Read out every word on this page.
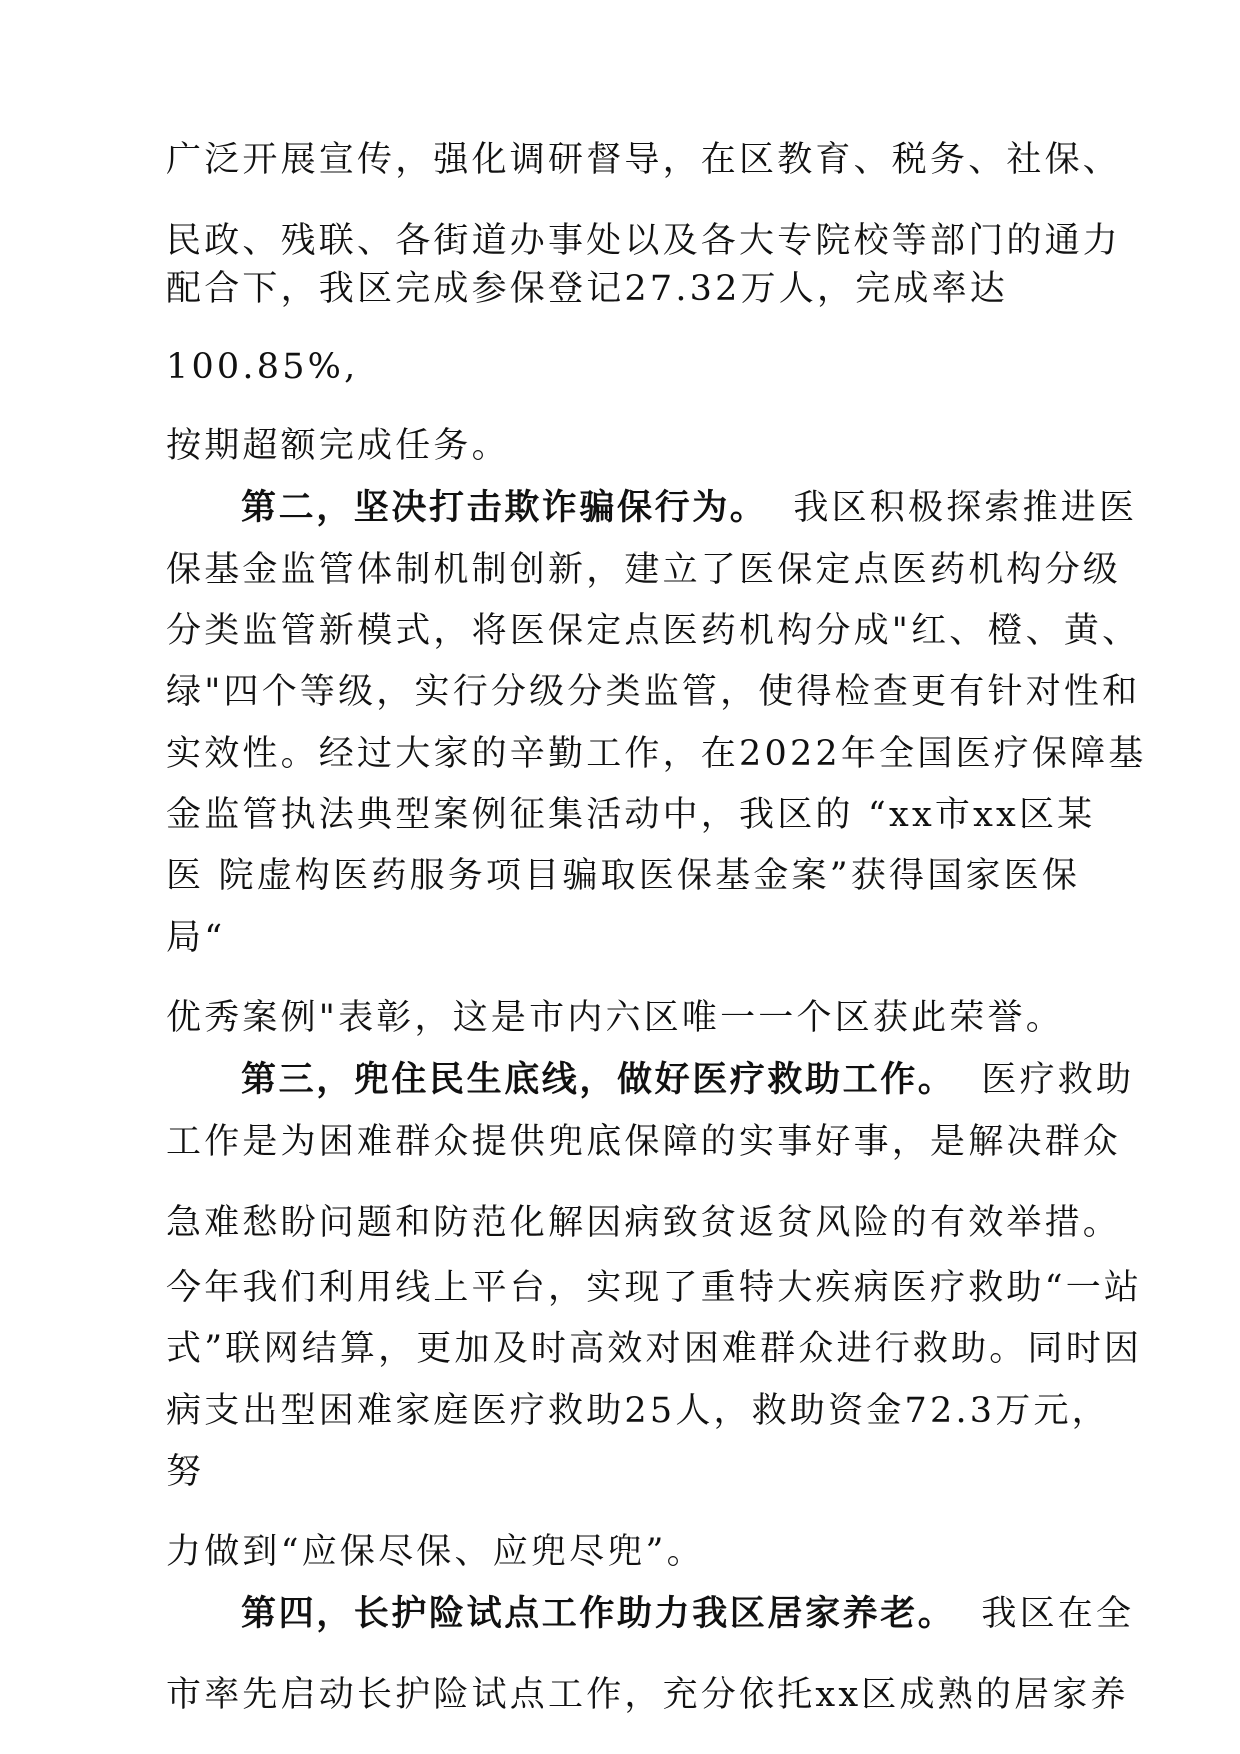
广泛开展宣传，强化调研督导，在区教育、税务、社保、
民政、残联、各街道办事处以及各大专院校等部门的通力
配合下，我区完成参保登记27.32万人，完成率达
100.85%,
按期超额完成任务。
第二，坚决打击欺诈骗保行为。 我区积极探索推进医
保基金监管体制机制创新，建立了医保定点医药机构分级
分类监管新模式，将医保定点医药机构分成"红、橙、黄、
绿"四个等级，实行分级分类监管，使得检查更有针对性和
实效性。经过大家的辛勤工作，在2022年全国医疗保障基
金监管执法典型案例征集活动中，我区的 “xx市xx区某
医 院虚构医药服务项目骗取医保基金案”获得国家医保
局“
优秀案例"表彰，这是市内六区唯一一个区获此荣誉。
第三，兜住民生底线，做好医疗救助工作。 医疗救助
工作是为困难群众提供兜底保障的实事好事，是解决群众
急难愁盼问题和防范化解因病致贫返贫风险的有效举措。
今年我们利用线上平台，实现了重特大疾病医疗救助“一站
式”联网结算，更加及时高效对困难群众进行救助。同时因
病支出型困难家庭医疗救助25人，救助资金72.3万元，
努
力做到“应保尽保、应兜尽兜”。
第四，长护险试点工作助力我区居家养老。 我区在全
市率先启动长护险试点工作，充分依托xx区成熟的居家养
